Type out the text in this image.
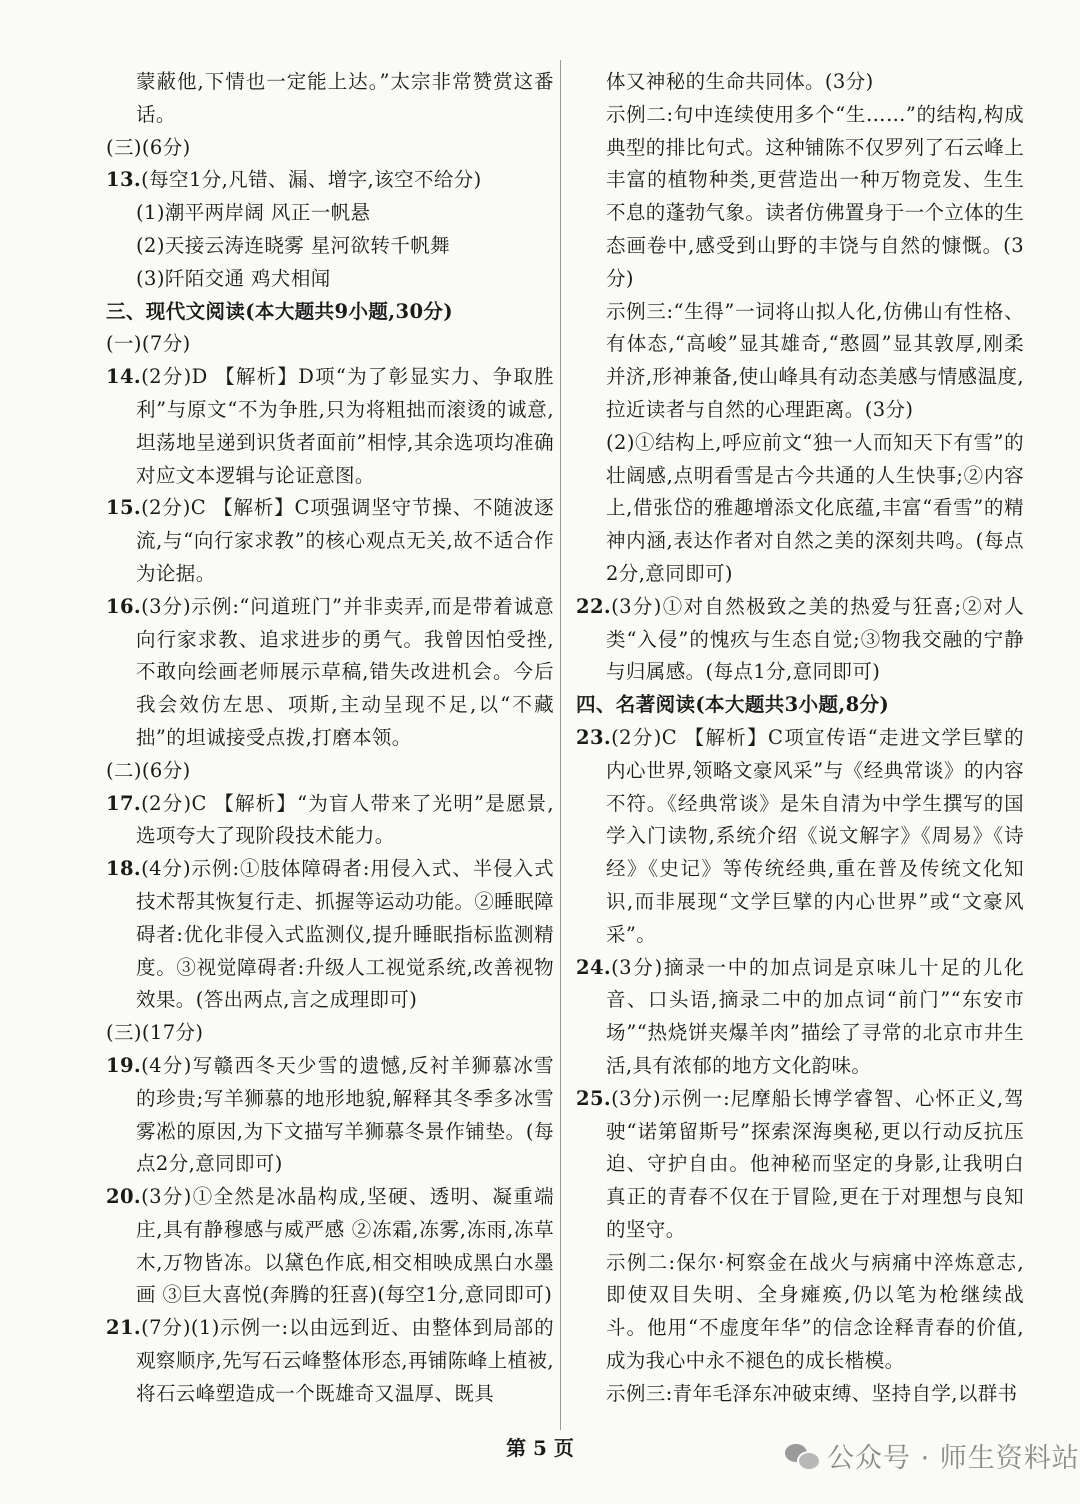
蒙蔽他,下情也一定能上达。”太宗非常赞赏这番话。

(三)(6分)

13.(每空1分,凡错、漏、增字,该空不给分)

(1)潮平两岸阔 风正一帆悬

(2)天接云涛连晓雾 星河欲转千帆舞

(3)阡陌交通 鸡犬相闻

三、现代文阅读(本大题共9小题,30分)

(一)(7分)

14.(2分)D 【解析】D项“为了彰显实力、争取胜利”与原文“不为争胜,只为将粗拙而滚烫的诚意,坦荡地呈递到识货者面前”相悖,其余选项均准确对应文本逻辑与论证意图。

15.(2分)C 【解析】C项强调坚守节操、不随波逐流,与“向行家求教”的核心观点无关,故不适合作为论据。

16.(3分)示例:“问道班门”并非卖弄,而是带着诚意向行家求教、追求进步的勇气。我曾因怕受挫,不敢向绘画老师展示草稿,错失改进机会。今后我会效仿左思、项斯,主动呈现不足,以“不藏拙”的坦诚接受点拨,打磨本领。

(二)(6分)

17.(2分)C 【解析】“为盲人带来了光明”是愿景,选项夸大了现阶段技术能力。

18.(4分)示例:①肢体障碍者:用侵入式、半侵入式技术帮其恢复行走、抓握等运动功能。②睡眠障碍者:优化非侵入式监测仪,提升睡眠指标监测精度。③视觉障碍者:升级人工视觉系统,改善视物效果。(答出两点,言之成理即可)

(三)(17分)

19.(4分)写赣西冬天少雪的遗憾,反衬羊狮慕冰雪的珍贵;写羊狮慕的地形地貌,解释其冬季多冰雪雾凇的原因,为下文描写羊狮慕冬景作铺垫。(每点2分,意同即可)

20.(3分)①全然是冰晶构成,坚硬、透明、凝重端庄,具有静穆感与威严感 ②冻霜,冻雾,冻雨,冻草木,万物皆冻。以黛色作底,相交相映成黑白水墨画 ③巨大喜悦(奔腾的狂喜)(每空1分,意同即可)

21.(7分)(1)示例一:以由远到近、由整体到局部的观察顺序,先写石云峰整体形态,再铺陈峰上植被,将石云峰塑造成一个既雄奇又温厚、既具

体又神秘的生命共同体。(3分)

示例二:句中连续使用多个“生……”的结构,构成典型的排比句式。这种铺陈不仅罗列了石云峰上丰富的植物种类,更营造出一种万物竞发、生生不息的蓬勃气象。读者仿佛置身于一个立体的生态画卷中,感受到山野的丰饶与自然的慷慨。(3分)

示例三:“生得”一词将山拟人化,仿佛山有性格、有体态,“高峻”显其雄奇,“憨圆”显其敦厚,刚柔并济,形神兼备,使山峰具有动态美感与情感温度,拉近读者与自然的心理距离。(3分)

(2)①结构上,呼应前文“独一人而知天下有雪”的壮阔感,点明看雪是古今共通的人生快事;②内容上,借张岱的雅趣增添文化底蕴,丰富“看雪”的精神内涵,表达作者对自然之美的深刻共鸣。(每点2分,意同即可)

22.(3分)①对自然极致之美的热爱与狂喜;②对人类“入侵”的愧疚与生态自觉;③物我交融的宁静与归属感。(每点1分,意同即可)

四、名著阅读(本大题共3小题,8分)

23.(2分)C 【解析】C项宣传语“走进文学巨擘的内心世界,领略文豪风采”与《经典常谈》的内容不符。《经典常谈》是朱自清为中学生撰写的国学入门读物,系统介绍《说文解字》《周易》《诗经》《史记》等传统经典,重在普及传统文化知识,而非展现“文学巨擘的内心世界”或“文豪风采”。

24.(3分)摘录一中的加点词是京味儿十足的儿化音、口头语,摘录二中的加点词“前门”“东安市场”“热烧饼夹爆羊肉”描绘了寻常的北京市井生活,具有浓郁的地方文化韵味。

25.(3分)示例一:尼摩船长博学睿智、心怀正义,驾驶“诺第留斯号”探索深海奥秘,更以行动反抗压迫、守护自由。他神秘而坚定的身影,让我明白真正的青春不仅在于冒险,更在于对理想与良知的坚守。

示例二:保尔·柯察金在战火与病痛中淬炼意志,即使双目失明、全身瘫痪,仍以笔为枪继续战斗。他用“不虚度年华”的信念诠释青春的价值,成为我心中永不褪色的成长楷模。

示例三:青年毛泽东冲破束缚、坚持自学,以群书

第 5 页	公众号 · 师生资料站
